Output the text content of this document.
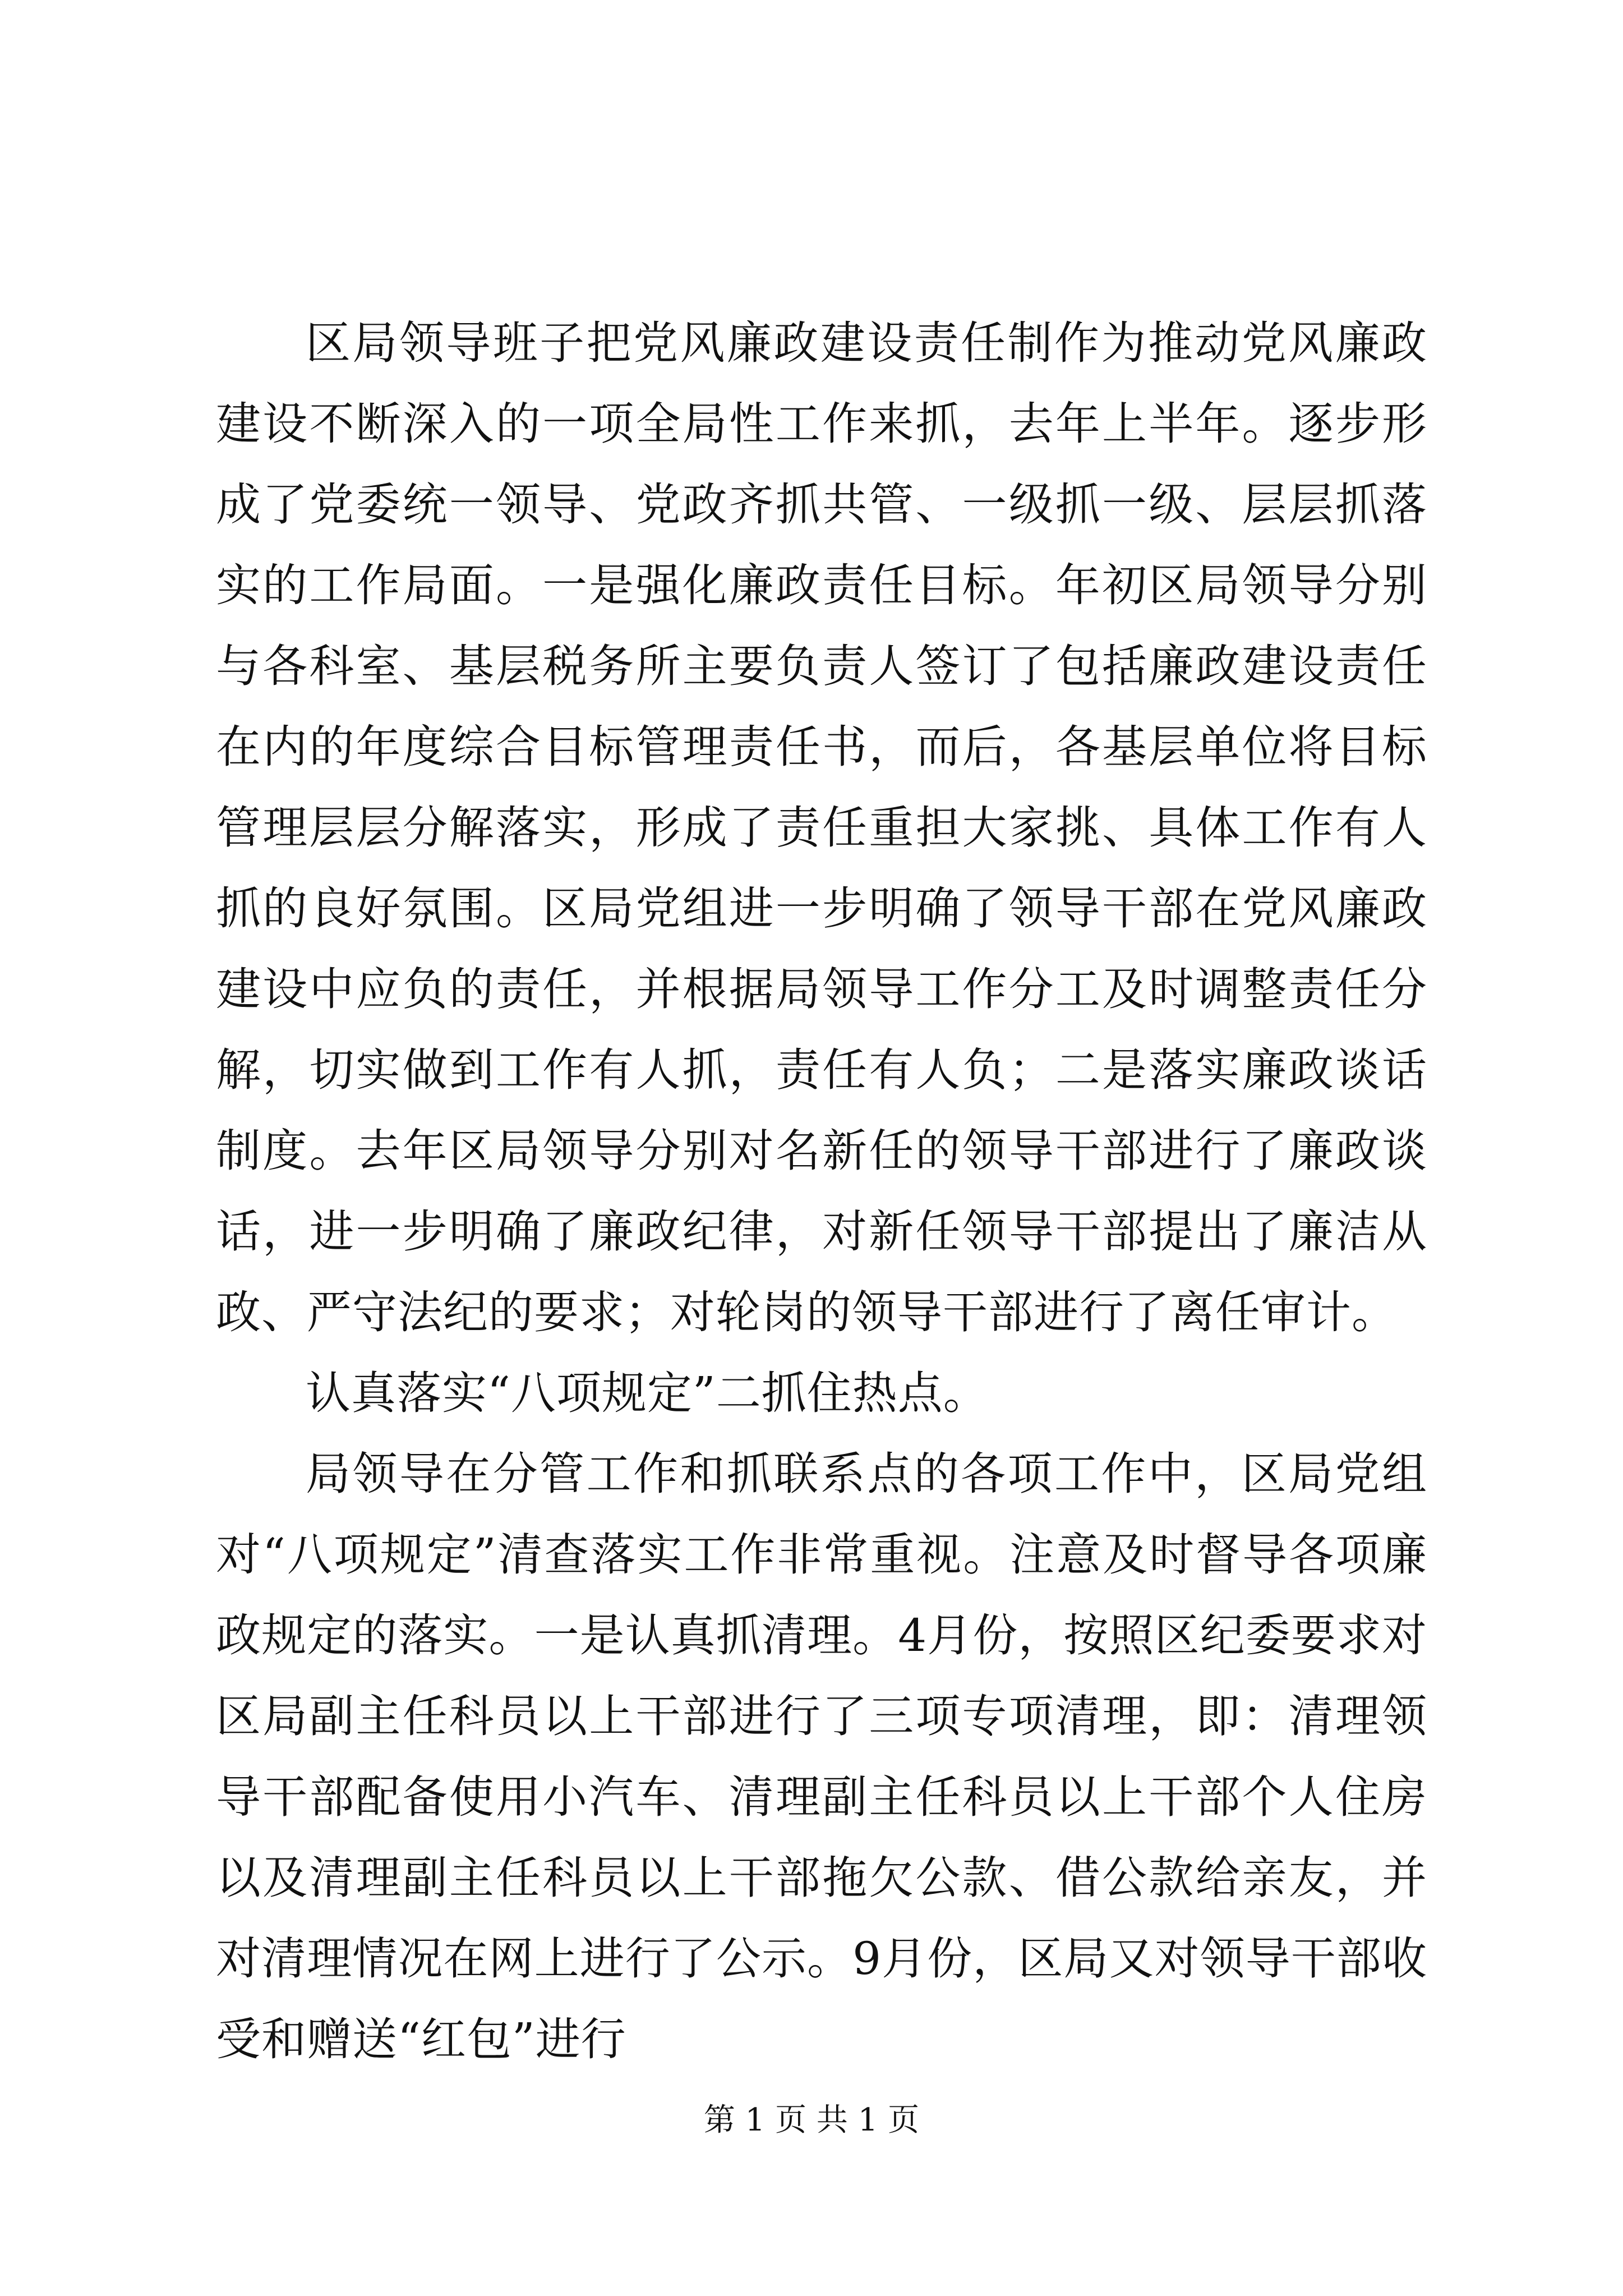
区局领导班子把党风廉政建设责任制作为推动党风廉政建设不断深入的一项全局性工作来抓，去年上半年。逐步形成了党委统一领导、党政齐抓共管、一级抓一级、层层抓落实的工作局面。一是强化廉政责任目标。年初区局领导分别与各科室、基层税务所主要负责人签订了包括廉政建设责任在内的年度综合目标管理责任书，而后，各基层单位将目标管理层层分解落实，形成了责任重担大家挑、具体工作有人抓的良好氛围。区局党组进一步明确了领导干部在党风廉政建设中应负的责任，并根据局领导工作分工及时调整责任分解，切实做到工作有人抓，责任有人负；二是落实廉政谈话制度。去年区局领导分别对名新任的领导干部进行了廉政谈话，进一步明确了廉政纪律，对新任领导干部提出了廉洁从政、严守法纪的要求；对轮岗的领导干部进行了离任审计。

认真落实“八项规定”二抓住热点。

局领导在分管工作和抓联系点的各项工作中，区局党组对“八项规定”清查落实工作非常重视。注意及时督导各项廉政规定的落实。一是认真抓清理。4月份，按照区纪委要求对区局副主任科员以上干部进行了三项专项清理，即：清理领导干部配备使用小汽车、清理副主任科员以上干部个人住房以及清理副主任科员以上干部拖欠公款、借公款给亲友，并对清理情况在网上进行了公示。9月份，区局又对领导干部收受和赠送“红包”进行

第 1 页 共 1 页
